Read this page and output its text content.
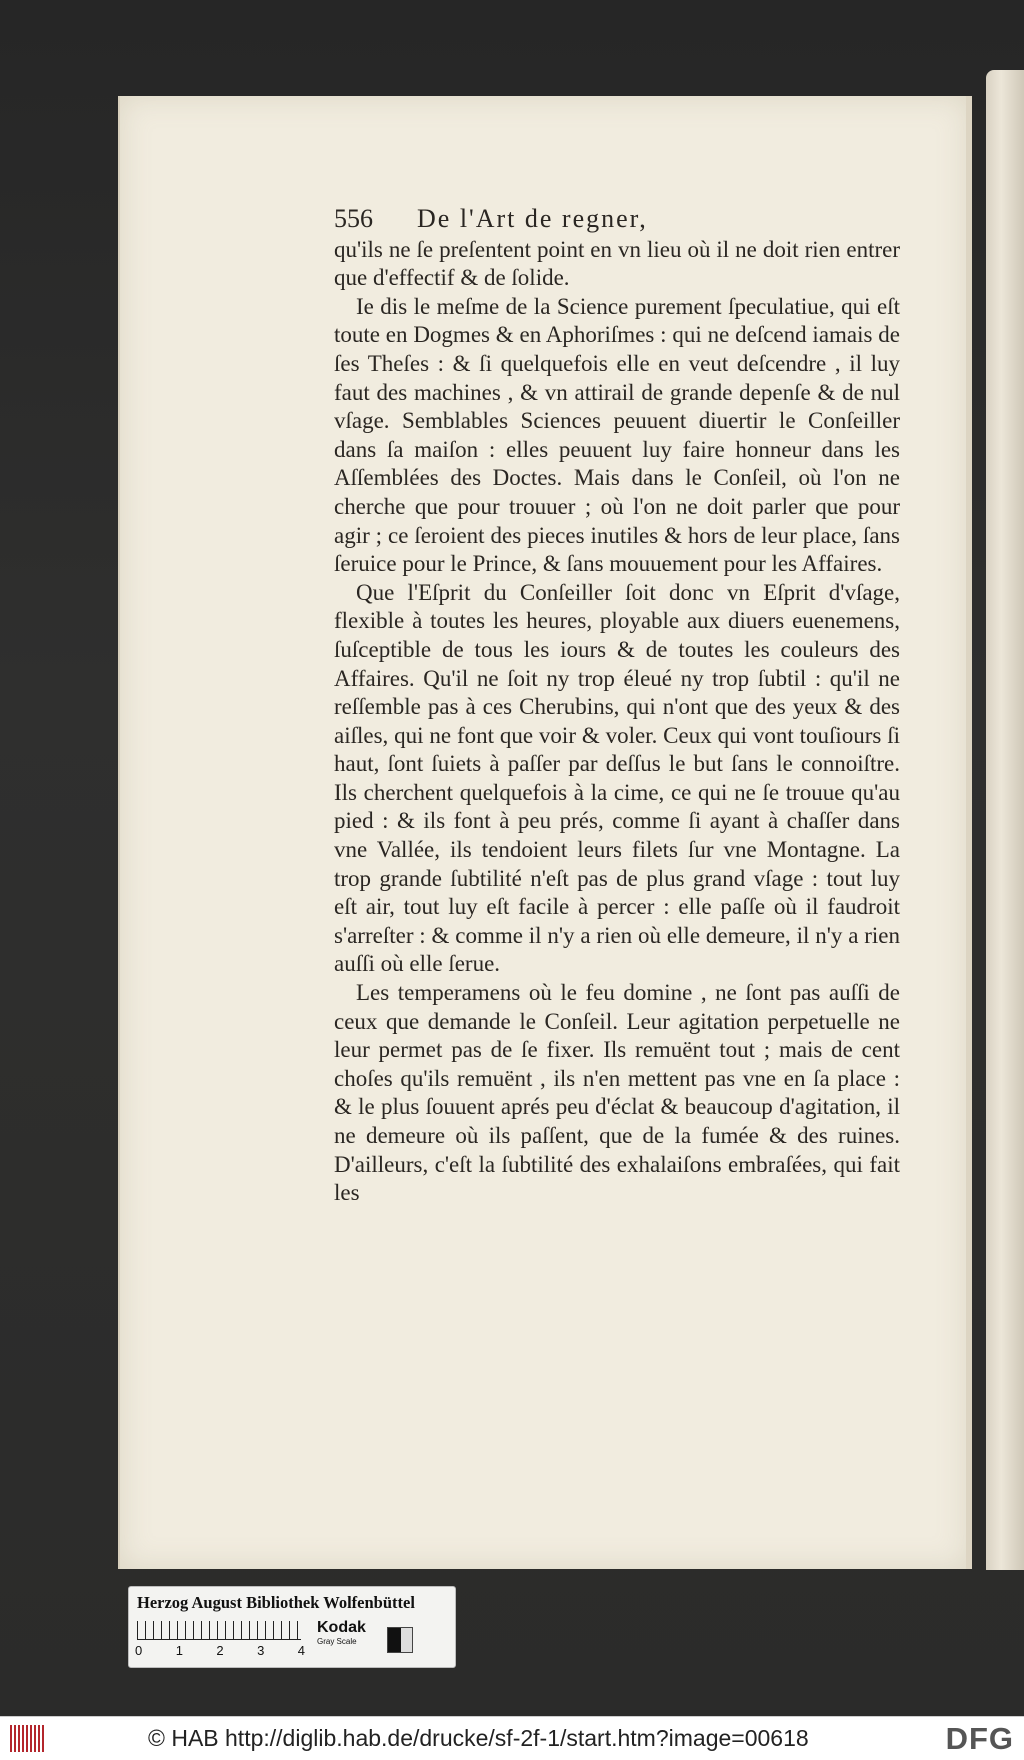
556 De l'Art de regner,

qu'ils ne ſe preſentent point en vn lieu où il ne doit rien entrer que d'effectif & de ſolide.

Ie dis le meſme de la Science purement ſpeculatiue, qui eſt toute en Dogmes & en Aphoriſmes : qui ne deſcend iamais de ſes Theſes : & ſi quelquefois elle en veut deſcendre , il luy faut des machines , & vn attirail de grande depenſe & de nul vſage. Semblables Sciences peuuent diuertir le Conſeiller dans ſa maiſon : elles peuuent luy faire honneur dans les Aſſemblées des Doctes. Mais dans le Conſeil, où l'on ne cherche que pour trouuer ; où l'on ne doit parler que pour agir ; ce ſeroient des pieces inutiles & hors de leur place, ſans ſeruice pour le Prince, & ſans mouuement pour les Affaires.

Que l'Eſprit du Conſeiller ſoit donc vn Eſprit d'vſage, flexible à toutes les heures, ployable aux diuers euenemens, ſuſceptible de tous les iours & de toutes les couleurs des Affaires. Qu'il ne ſoit ny trop éleué ny trop ſubtil : qu'il ne reſſemble pas à ces Cherubins, qui n'ont que des yeux & des aiſles, qui ne font que voir & voler. Ceux qui vont touſiours ſi haut, ſont ſuiets à paſſer par deſſus le but ſans le connoiſtre. Ils cherchent quelquefois à la cime, ce qui ne ſe trouue qu'au pied : & ils font à peu prés, comme ſi ayant à chaſſer dans vne Vallée, ils tendoient leurs filets ſur vne Montagne. La trop grande ſubtilité n'eſt pas de plus grand vſage : tout luy eſt air, tout luy eſt facile à percer : elle paſſe où il faudroit s'arreſter : & comme il n'y a rien où elle demeure, il n'y a rien auſſi où elle ſerue.

Les temperamens où le feu domine , ne ſont pas auſſi de ceux que demande le Conſeil. Leur agitation perpetuelle ne leur permet pas de ſe fixer. Ils remuënt tout ; mais de cent choſes qu'ils remuënt , ils n'en mettent pas vne en ſa place : & le plus ſouuent aprés peu d'éclat & beaucoup d'agitation, il ne demeure où ils paſſent, que de la fumée & des ruines. D'ailleurs, c'eſt la ſubtilité des exhalaiſons embraſées, qui fait les

Herzog August Bibliothek Wolfenbüttel
0	1	2	3	4
Kodak
Gray Scale
© HAB http://diglib.hab.de/drucke/sf-2f-1/start.htm?image=00618	DFG
